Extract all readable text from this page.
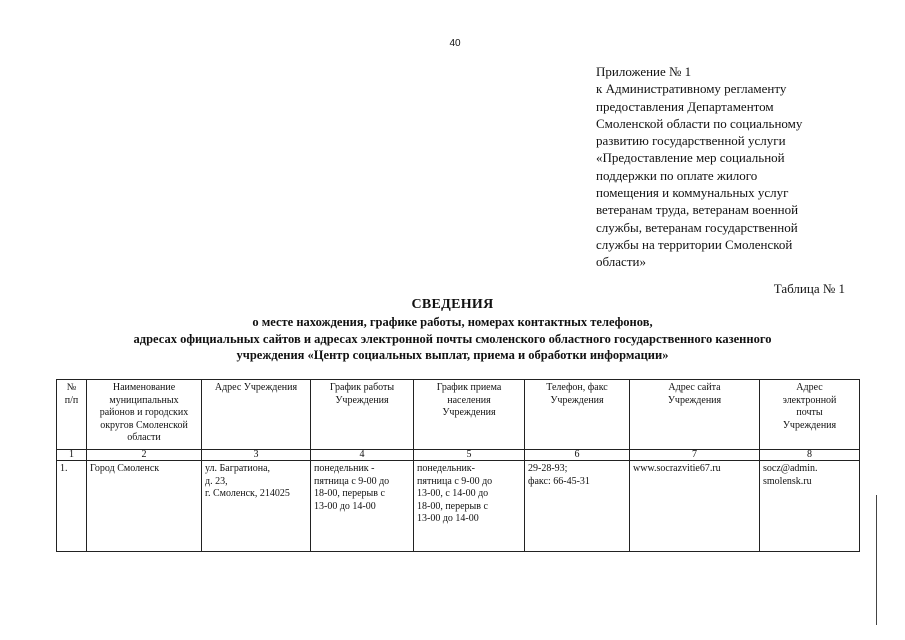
40
Приложение № 1
к Административному регламенту
предоставления Департаментом
Смоленской области по социальному
развитию государственной услуги
«Предоставление мер социальной
поддержки по оплате жилого
помещения и коммунальных услуг
ветеранам труда, ветеранам военной
службы, ветеранам государственной
службы на территории Смоленской
области»
Таблица № 1
СВЕДЕНИЯ
о месте нахождения, графике работы, номерах контактных телефонов,
адресах официальных сайтов и адресах электронной почты смоленского областного государственного казенного
учреждения «Центр социальных выплат, приема и обработки информации»
№
п/п	Наименование
муниципальных
районов и городских
округов Смоленской
области	Адрес Учреждения	График работы
Учреждения	График приема
населения
Учреждения	Телефон, факс
Учреждения	Адрес сайта
Учреждения	Адрес
электронной
почты
Учреждения

1	2	3	4	5	6	7	8

1.	Город Смоленск	ул. Багратиона,
д. 23,
г. Смоленск, 214025	понедельник -
пятница с 9-00 до
18-00, перерыв с
13-00 до 14-00	понедельник-
пятница с 9-00 до
13-00, с 14-00 до
18-00, перерыв с
13-00 до 14-00	29-28-93;
факс: 66-45-31	www.socrazvitie67.ru	socz@admin.
smolensk.ru
